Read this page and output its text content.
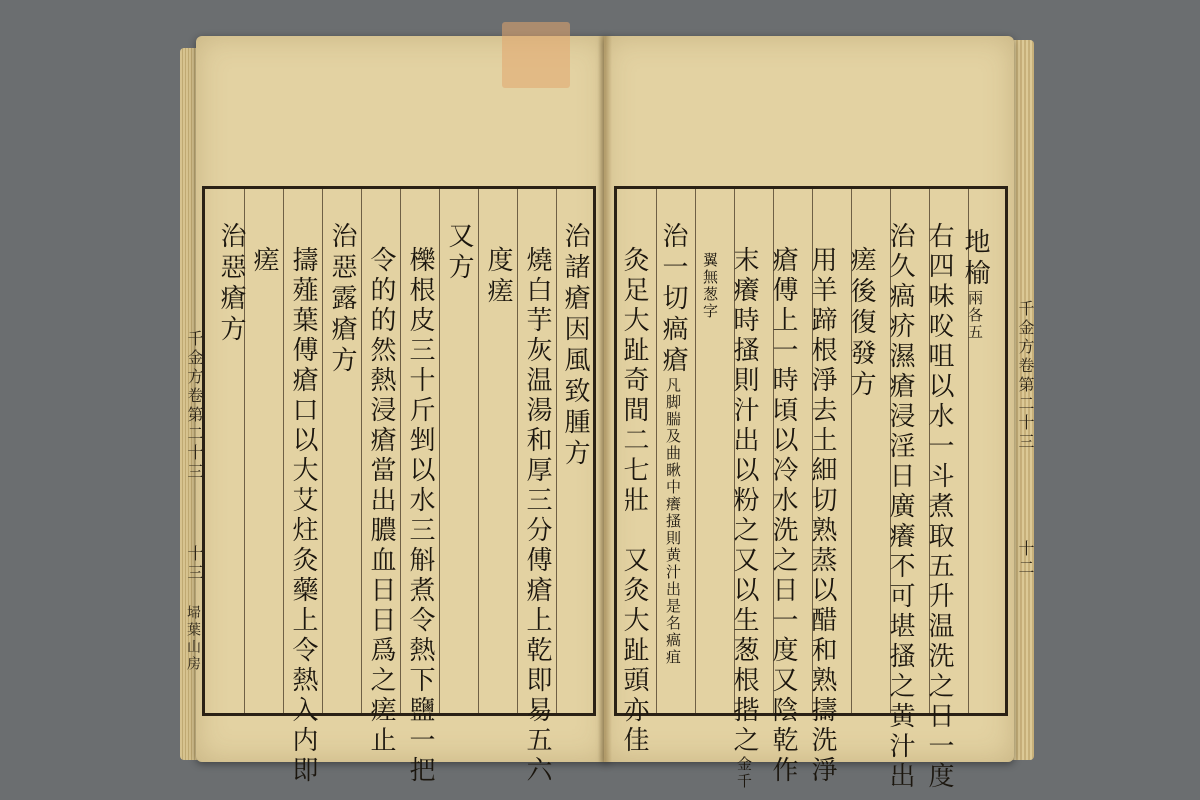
治諸瘡因風致腫方
燒白芋灰温湯和厚三分傅瘡上乾即易五六
度瘥
又方
櫟根皮三十斤剉以水三斛煮令熱下鹽一把
令的的然熱浸瘡當出膿血日日爲之瘥止
治惡露瘡方
擣薤葉傅瘡口以大艾炷灸藥上令熱入内即
瘥
治惡瘡方
千金方卷第二十三
十三
埽葉山房
地榆兩各五
右四味㕮咀以水一斗煮取五升温洗之日一度
治久瘑疥濕瘡浸淫日廣癢不可堪搔之黄汁出
瘥後復發方
用羊蹄根淨去土細切熟蒸以醋和熟擣洗淨
瘡傅上一時頃以冷水洗之日一度又陰乾作
末癢時搔則汁出以粉之又以生葱根揩之金千
翼無葱字
治一切瘑瘡凡脚腨及曲瞅中癢搔則黄汁出是名瘑疽
灸足大趾奇間二七壯　又灸大趾頭亦佳	千金方卷第二十三
十二
